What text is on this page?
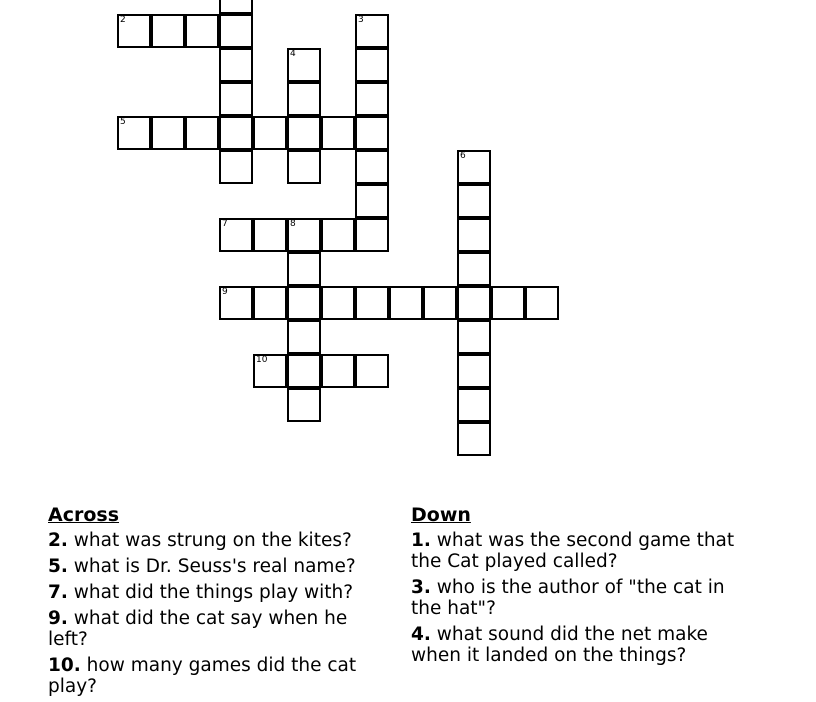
2	3
4
5
6
7	8
9
10
Across
2. what was strung on the kites?
5. what is Dr. Seuss's real name?
7. what did the things play with?
9. what did the cat say when he left?
10. how many games did the cat play?
Down
1. what was the second game that the Cat played called?
3. who is the author of "the cat in the hat"?
4. what sound did the net make when it landed on the things?
